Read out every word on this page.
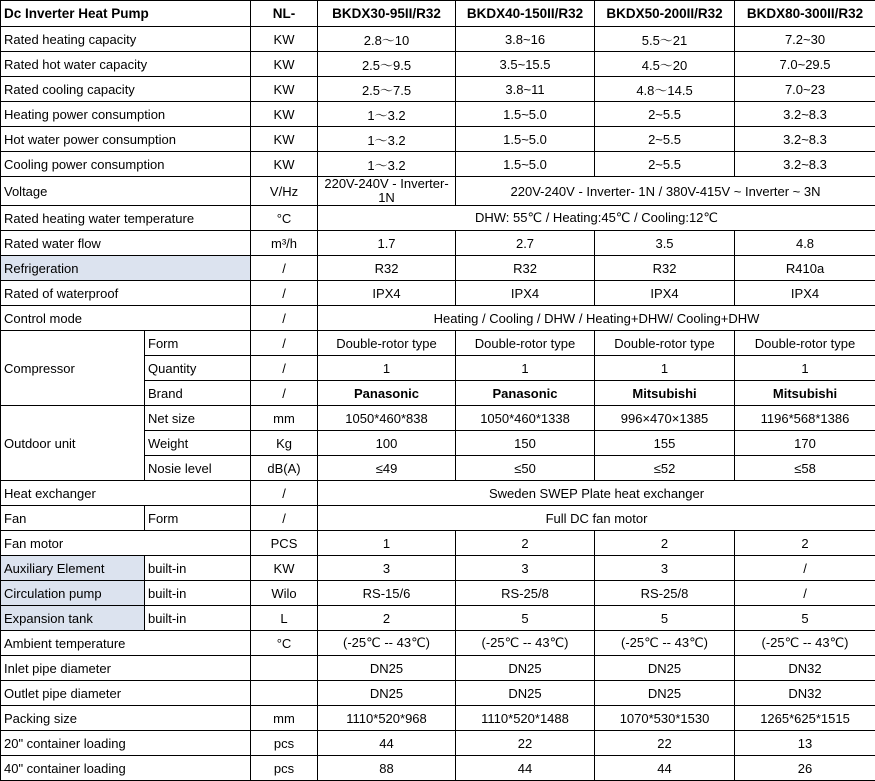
Dc Inverter Heat Pump		NL-	BKDX30-95II/R32	BKDX40-150II/R32	BKDX50-200II/R32	BKDX80-300II/R32
Rated heating capacity		KW	2.8～10	3.8~16	5.5～21	7.2~30
Rated hot water capacity		KW	2.5～9.5	3.5~15.5	4.5～20	7.0~29.5
Rated cooling capacity		KW	2.5～7.5	3.8~11	4.8～14.5	7.0~23
Heating power consumption		KW	1～3.2	1.5~5.0	2~5.5	3.2~8.3
Hot water power consumption		KW	1～3.2	1.5~5.0	2~5.5	3.2~8.3
Cooling power consumption		KW	1～3.2	1.5~5.0	2~5.5	3.2~8.3
Voltage		V/Hz	220V-240V - Inverter- 1N	220V-240V - Inverter- 1N / 380V-415V ~ Inverter ~ 3N		
Rated heating water temperature		°C	DHW: 55℃ / Heating:45℃ / Cooling:12℃			
Rated water flow		m³/h	1.7	2.7	3.5	4.8
Refrigeration		/	R32	R32	R32	R410a
Rated of waterproof		/	IPX4	IPX4	IPX4	IPX4
Control mode		/	Heating / Cooling / DHW / Heating+DHW/ Cooling+DHW			
Compressor	Form	/	Double-rotor type	Double-rotor type	Double-rotor type	Double-rotor type
	Quantity	/	1	1	1	1
	Brand	/	Panasonic	Panasonic	Mitsubishi	Mitsubishi
Outdoor unit	Net size	mm	1050*460*838	1050*460*1338	996×470×1385	1196*568*1386
	Weight	Kg	100	150	155	170
	Nosie level	dB(A)	≤49	≤50	≤52	≤58
Heat exchanger		/	Sweden SWEP Plate heat exchanger			
Fan	Form	/	Full DC fan motor			
Fan motor		PCS	1	2	2	2
Auxiliary Element	built-in	KW	3	3	3	/
Circulation pump	built-in	Wilo	RS-15/6	RS-25/8	RS-25/8	/
Expansion tank	built-in	L	2	5	5	5
Ambient temperature		°C	(-25℃ -- 43℃)	(-25℃ -- 43℃)	(-25℃ -- 43℃)	(-25℃ -- 43℃)
Inlet pipe diameter			DN25	DN25	DN25	DN32
Outlet pipe diameter			DN25	DN25	DN25	DN32
Packing size		mm	1110*520*968	1110*520*1488	1070*530*1530	1265*625*1515
20" container loading		pcs	44	22	22	13
40" container loading		pcs	88	44	44	26
